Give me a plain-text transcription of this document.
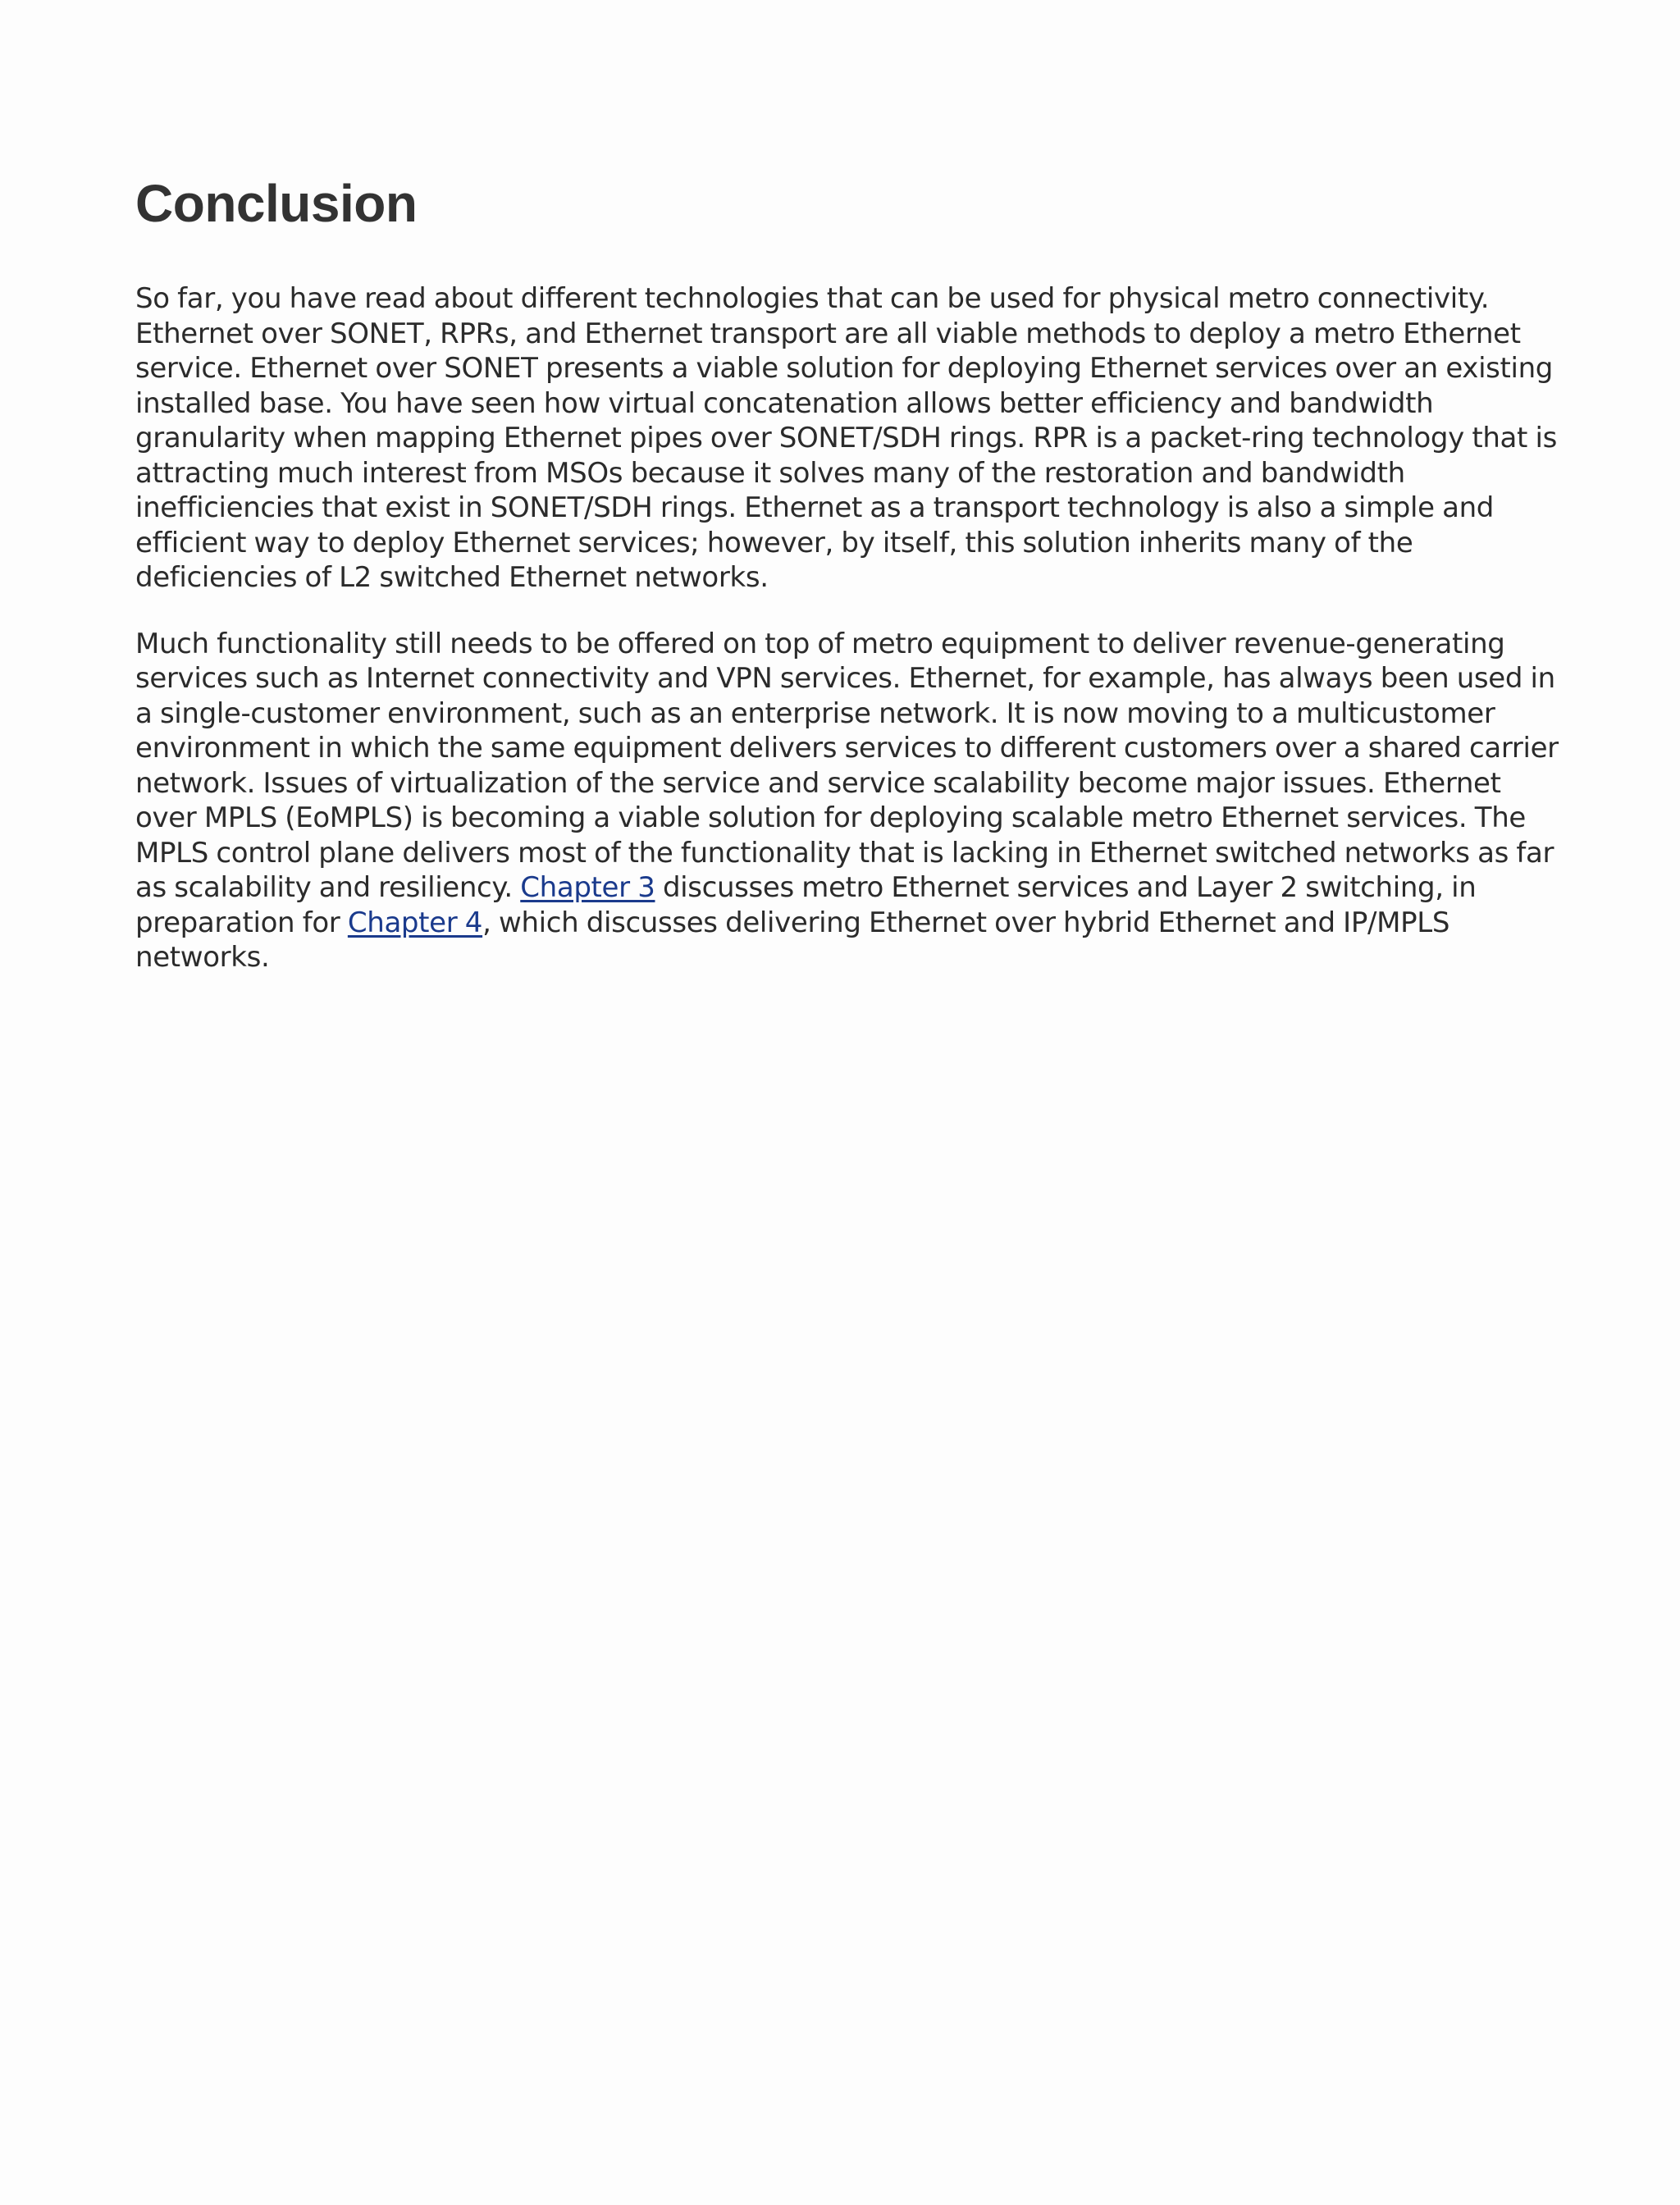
Conclusion

So far, you have read about different technologies that can be used for physical metro connectivity. Ethernet over SONET, RPRs, and Ethernet transport are all viable methods to deploy a metro Ethernet service. Ethernet over SONET presents a viable solution for deploying Ethernet services over an existing installed base. You have seen how virtual concatenation allows better efficiency and bandwidth granularity when mapping Ethernet pipes over SONET/SDH rings. RPR is a packet-ring technology that is attracting much interest from MSOs because it solves many of the restoration and bandwidth inefficiencies that exist in SONET/SDH rings. Ethernet as a transport technology is also a simple and efficient way to deploy Ethernet services; however, by itself, this solution inherits many of the deficiencies of L2 switched Ethernet networks.

Much functionality still needs to be offered on top of metro equipment to deliver revenue-generating services such as Internet connectivity and VPN services. Ethernet, for example, has always been used in a single-customer environment, such as an enterprise network. It is now moving to a multicustomer environment in which the same equipment delivers services to different customers over a shared carrier network. Issues of virtualization of the service and service scalability become major issues. Ethernet over MPLS (EoMPLS) is becoming a viable solution for deploying scalable metro Ethernet services. The MPLS control plane delivers most of the functionality that is lacking in Ethernet switched networks as far as scalability and resiliency. Chapter 3 discusses metro Ethernet services and Layer 2 switching, in preparation for Chapter 4, which discusses delivering Ethernet over hybrid Ethernet and IP/MPLS networks.
